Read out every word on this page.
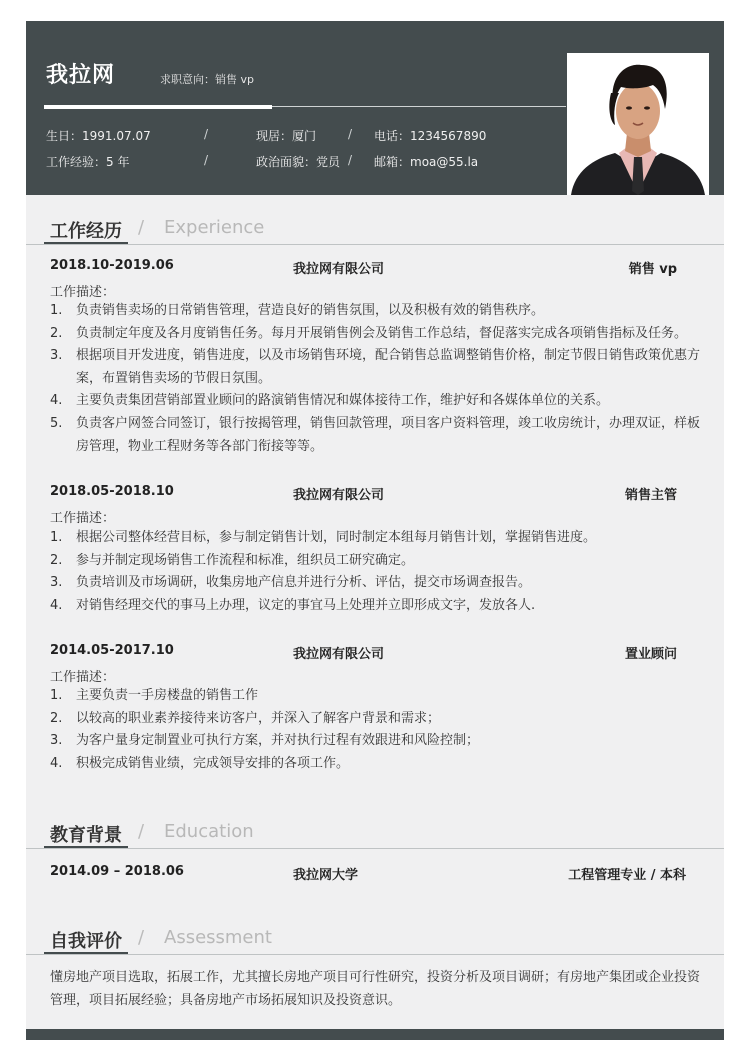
我拉网	求职意向：销售 vp
生日：1991.07.07	/	现居：厦门	/ 电话：1234567890
工作经验：5 年	/	政治面貌：党员 / 邮箱：moa@55.la
工作经历 / Experience
2018.10-2019.06	我拉网有限公司	销售 vp
工作描述：
1. 负责销售卖场的日常销售管理，营造良好的销售氛围，以及积极有效的销售秩序。
2. 负责制定年度及各月度销售任务。每月开展销售例会及销售工作总结，督促落实完成各项销售指标及任务。
3. 根据项目开发进度，销售进度，以及市场销售环境，配合销售总监调整销售价格，制定节假日销售政策优惠方案，布置销售卖场的节假日氛围。
4. 主要负责集团营销部置业顾问的路演销售情况和媒体接待工作，维护好和各媒体单位的关系。
5. 负责客户网签合同签订，银行按揭管理，销售回款管理，项目客户资料管理，竣工收房统计，办理双证，样板房管理，物业工程财务等各部门衔接等等。
2018.05-2018.10	我拉网有限公司	销售主管
工作描述：
1. 根据公司整体经营目标，参与制定销售计划，同时制定本组每月销售计划，掌握销售进度。
2. 参与并制定现场销售工作流程和标准，组织员工研究确定。
3. 负责培训及市场调研，收集房地产信息并进行分析、评估，提交市场调查报告。
4. 对销售经理交代的事马上办理，议定的事宜马上处理并立即形成文字，发放各人.
2014.05-2017.10	我拉网有限公司	置业顾问
工作描述：
1. 主要负责一手房楼盘的销售工作
2. 以较高的职业素养接待来访客户，并深入了解客户背景和需求；
3. 为客户量身定制置业可执行方案，并对执行过程有效跟进和风险控制；
4. 积极完成销售业绩，完成领导安排的各项工作。
教育背景 / Education
2014.09 – 2018.06	我拉网大学	工程管理专业 / 本科
自我评价 / Assessment
懂房地产项目选取，拓展工作，尤其擅长房地产项目可行性研究，投资分析及项目调研；有房地产集团或企业投资管理，项目拓展经验；具备房地产市场拓展知识及投资意识。
